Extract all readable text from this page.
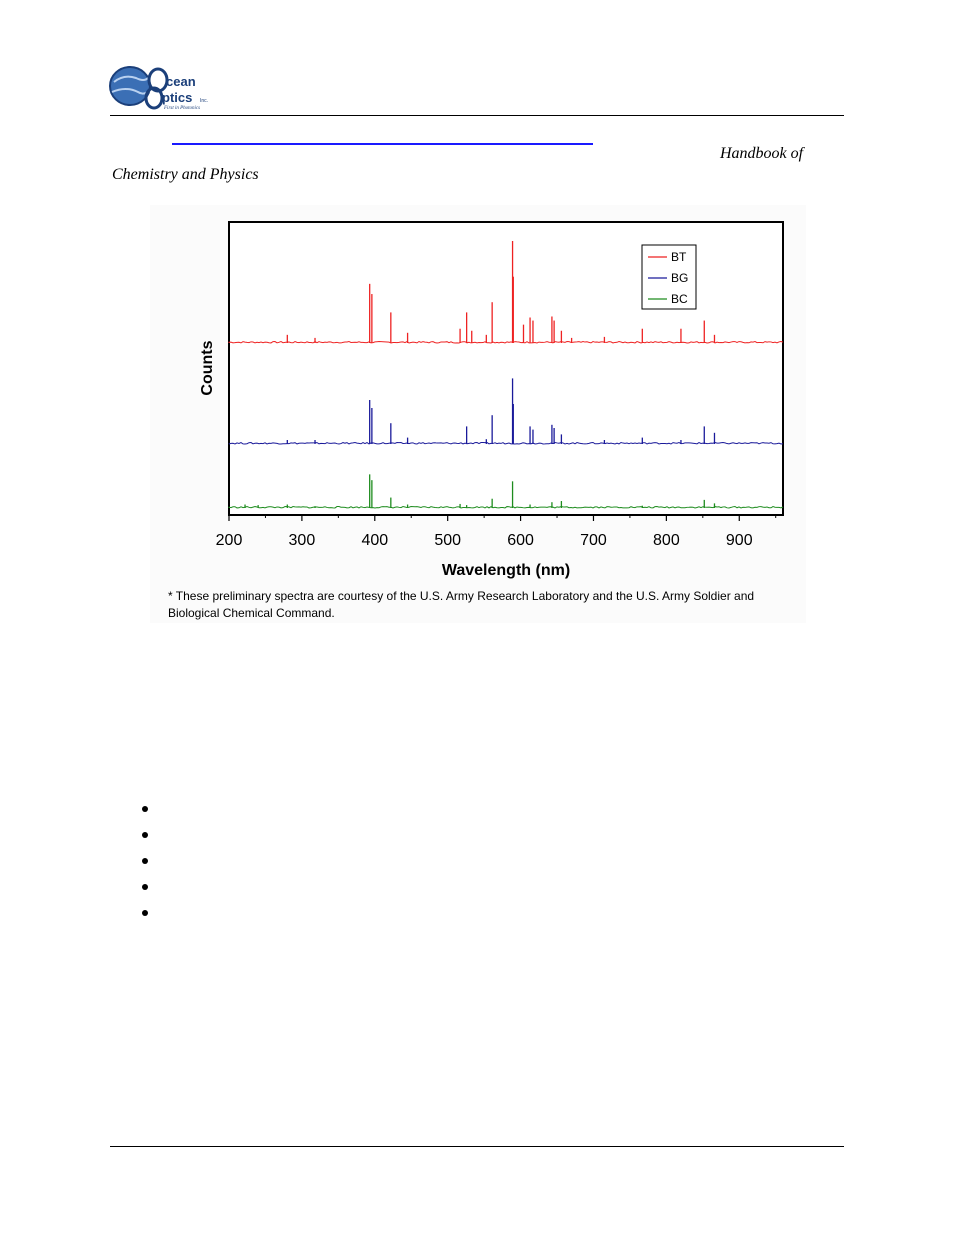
cean
ptics Inc.
First in Photonics
Handbook of
Chemistry and Physics
200	300	400	500	600	700	800	900
Wavelength (nm)
Counts
BT
BG
BC
* These preliminary spectra are courtesy of the U.S. Army Research Laboratory and the U.S. Army Soldier and Biological Chemical Command.
